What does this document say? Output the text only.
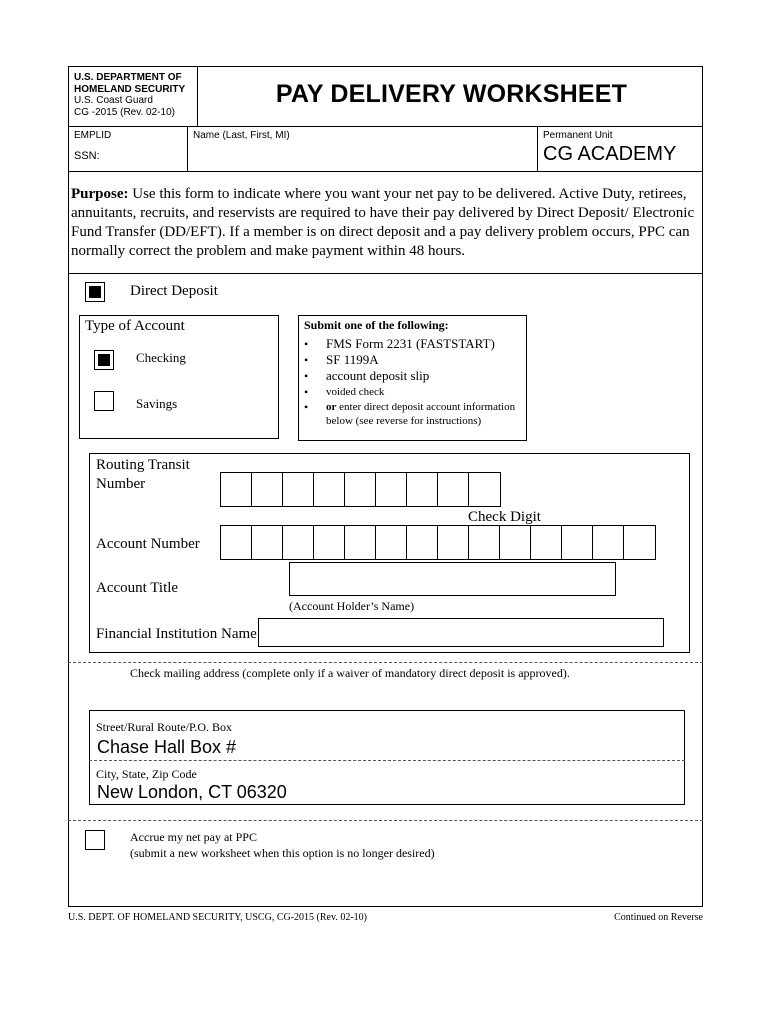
U.S. DEPARTMENT OF
HOMELAND SECURITY
U.S. Coast Guard
CG -2015 (Rev. 02-10)
PAY DELIVERY WORKSHEET
EMPLID
SSN:
Name (Last, First, MI)	Permanent Unit
CG ACADEMY
Purpose: Use this form to indicate where you want your net pay to be delivered. Active Duty, retirees, annuitants, recruits, and reservists are required to have their pay delivered by Direct Deposit/ Electronic Fund Transfer (DD/EFT). If a member is on direct deposit and a pay delivery problem occurs, PPC can normally correct the problem and make payment within 48 hours.
Direct Deposit
Type of Account
Checking
Savings
Submit one of the following:
• FMS Form 2231 (FASTSTART)
• SF 1199A
• account deposit slip
• voided check
• or enter direct deposit account information below (see reverse for instructions)
Routing Transit
Number
Check Digit
Account Number
Account Title
(Account Holder’s Name)
Financial Institution Name
Check mailing address (complete only if a waiver of mandatory direct deposit is approved).
Street/Rural Route/P.O. Box
Chase Hall Box #
City, State, Zip Code
New London, CT 06320
Accrue my net pay at PPC
(submit a new worksheet when this option is no longer desired)
U.S. DEPT. OF HOMELAND SECURITY, USCG, CG-2015 (Rev. 02-10)	Continued on Reverse
